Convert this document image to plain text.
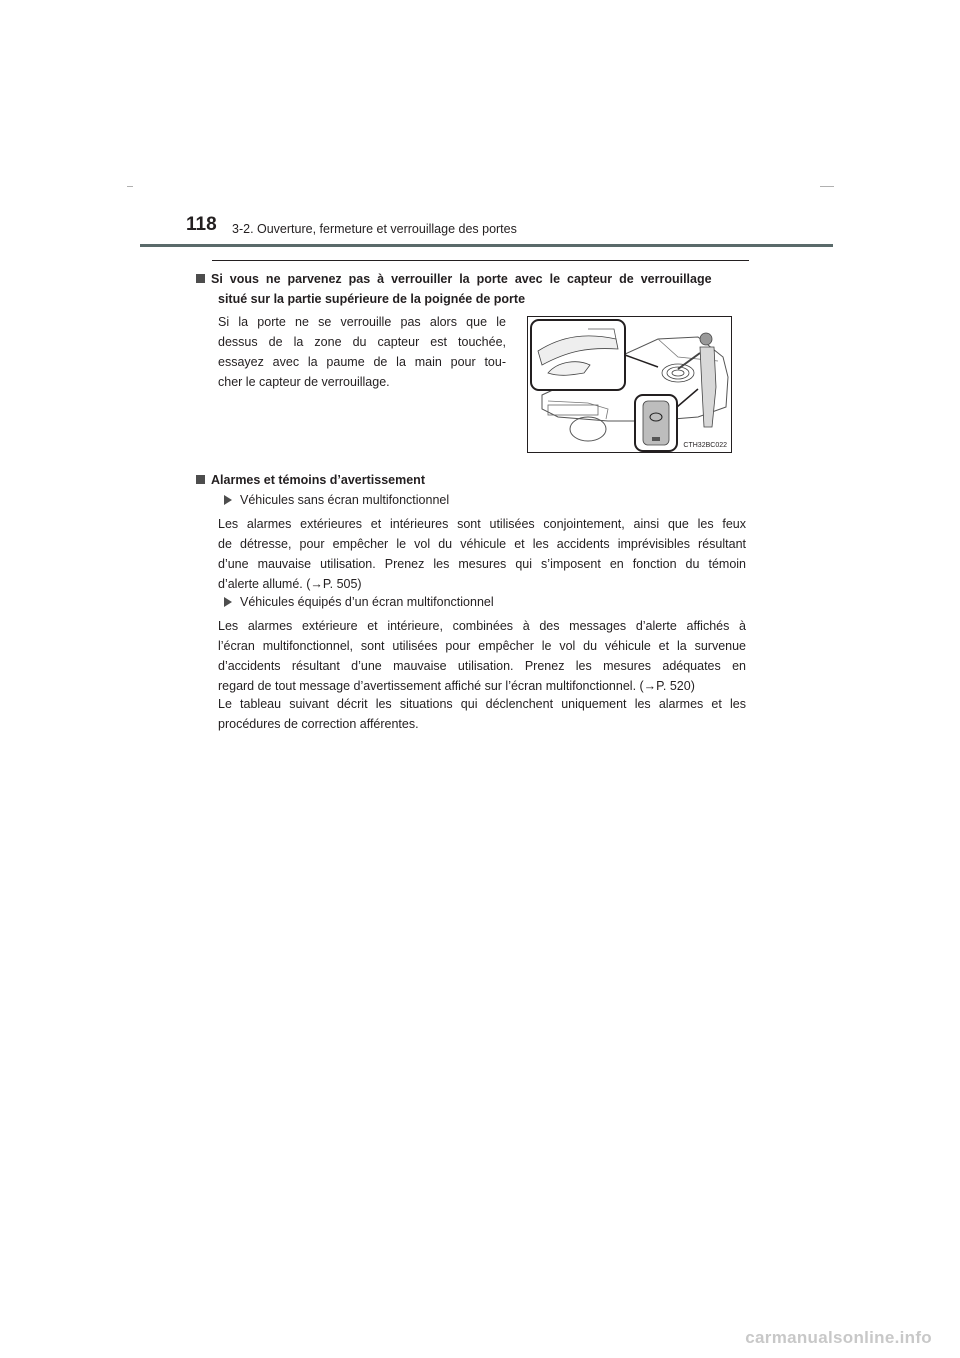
118 3-2. Ouverture, fermeture et verrouillage des portes
Si vous ne parvenez pas à verrouiller la porte avec le capteur de verrouillage
situé sur la partie supérieure de la poignée de porte
Si la porte ne se verrouille pas alors que le
dessus de la zone du capteur est touchée,
essayez avec la paume de la main pour tou-
cher le capteur de verrouillage.
CTH32BC022
Alarmes et témoins d’avertissement
Véhicules sans écran multifonctionnel
Les alarmes extérieures et intérieures sont utilisées conjointement, ainsi que les feux
de détresse, pour empêcher le vol du véhicule et les accidents imprévisibles résultant
d’une mauvaise utilisation. Prenez les mesures qui s’imposent en fonction du témoin
d’alerte allumé. (→P. 505)
Véhicules équipés d’un écran multifonctionnel
Les alarmes extérieure et intérieure, combinées à des messages d’alerte affichés à
l’écran multifonctionnel, sont utilisées pour empêcher le vol du véhicule et la survenue
d’accidents résultant d’une mauvaise utilisation. Prenez les mesures adéquates en
regard de tout message d’avertissement affiché sur l’écran multifonctionnel. (→P. 520)
Le tableau suivant décrit les situations qui déclenchent uniquement les alarmes et les
procédures de correction afférentes.
carmanualsonline.info
